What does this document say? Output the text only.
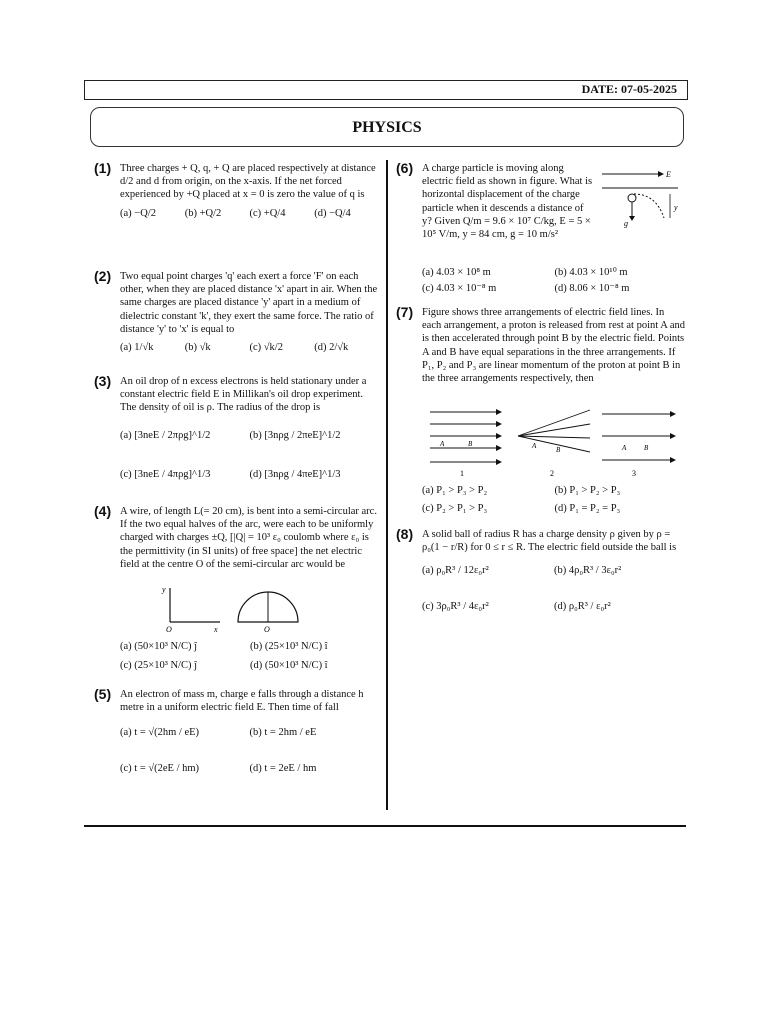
DATE: 07-05-2025
PHYSICS
(1) Three charges + Q, q, + Q are placed respectively at distance d/2 and d from origin, on the x-axis. If the net forced experienced by +Q placed at x = 0 is zero the value of q is
(a) −Q/2	(b) +Q/2	(c) +Q/4	(d) −Q/4
(2) Two equal point charges 'q' each exert a force 'F' on each other, when they are placed distance 'x' apart in air. When the same charges are placed distance 'y' apart in a medium of dielectric constant 'k', they exert the same force. The ratio of distance 'y' to 'x' is equal to
(a) 1/√k	(b) √k	(c) √k/2	(d) 2/√k
(3) An oil drop of n excess electrons is held stationary under a constant electric field E in Millikan's oil drop experiment. The density of oil is ρ. The radius of the drop is
(a) [3neE / 2πρg]^1/2	(b) [3nρg / 2πeE]^1/2
(c) [3neE / 4πρg]^1/3	(d) [3nρg / 4πeE]^1/3
(4) A wire, of length L(= 20 cm), is bent into a semi-circular arc. If the two equal halves of the arc, were each to be uniformly charged with charges ±Q, [|Q| = 10³ ε₀ coulomb where ε₀ is the permittivity (in SI units) of free space] the net electric field at the centre O of the semi-circular arc would be
y
O	x	O
(a) (50×10³ N/C) ĵ	(b) (25×10³ N/C) î
(c) (25×10³ N/C) ĵ	(d) (50×10³ N/C) î
(5) An electron of mass m, charge e falls through a distance h metre in a uniform electric field E. Then time of fall
(a) t = √(2hm / eE)	(b) t = 2hm / eE
(c) t = √(2eE / hm)	(d) t = 2eE / hm
(6) A charge particle is moving along electric field as shown in figure. What is horizontal displacement of the charge particle when it descends a distance of y? Given Q/m = 9.6 × 10⁷ C/kg, E = 5 × 10⁵ V/m, y = 84 cm, g = 10 m/s²
E
g
y
(a) 4.03 × 10⁸ m	(b) 4.03 × 10¹⁰ m
(c) 4.03 × 10⁻⁸ m	(d) 8.06 × 10⁻⁸ m
(7) Figure shows three arrangements of electric field lines. In each arrangement, a proton is released from rest at point A and is then accelerated through point B by the electric field. Points A and B have equal separations in the three arrangements. If P₁, P₂ and P₃ are linear momentum of the proton at point B in the three arrangements respectively, then
A	B
1
A	B
2
A	B
3
(a) P₁ > P₃ > P₂	(b) P₁ > P₂ > P₃
(c) P₂ > P₁ > P₃	(d) P₁ = P₂ = P₃
(8) A solid ball of radius R has a charge density ρ given by ρ = ρ₀(1 − r/R) for 0 ≤ r ≤ R. The electric field outside the ball is
(a) ρ₀R³ / 12ε₀r²	(b) 4ρ₀R³ / 3ε₀r²
(c) 3ρ₀R³ / 4ε₀r²	(d) ρ₀R³ / ε₀r²
